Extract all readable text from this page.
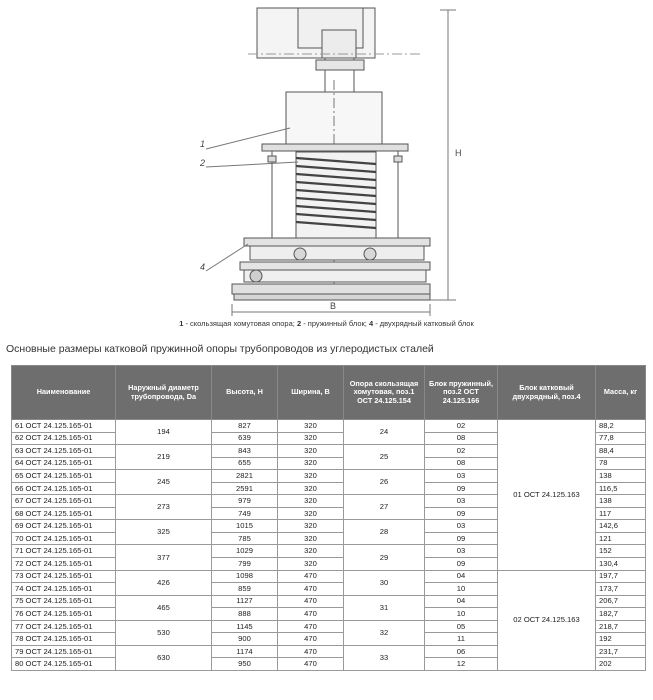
1
2
4
H
B
1 - скользящая хомутовая опора; 2 - пружинный блок; 4 - двухрядный катковый блок
Основные размеры катковой пружинной опоры трубопроводов из углеродистых сталей
Наименование	Наружный диаметр трубопровода, Da	Высота, H	Ширина, B	Опора скользящая хомутовая, поз.1 ОСТ 24.125.154	Блок пружинный, поз.2 ОСТ 24.125.166	Блок катковый двухрядный, поз.4	Масса, кг
61 ОСТ 24.125.165-01	194	827	320	24	02	01 ОСТ 24.125.163	88,2
62 ОСТ 24.125.165-01		639	320		08		77,8
63 ОСТ 24.125.165-01	219	843	320	25	02		88,4
64 ОСТ 24.125.165-01		655	320		08		78
65 ОСТ 24.125.165-01	245	2821	320	26	03		138
66 ОСТ 24.125.165-01		2591	320		09		116,5
67 ОСТ 24.125.165-01	273	979	320	27	03		138
68 ОСТ 24.125.165-01		749	320		09		117
69 ОСТ 24.125.165-01	325	1015	320	28	03		142,6
70 ОСТ 24.125.165-01		785	320		09		121
71 ОСТ 24.125.165-01	377	1029	320	29	03		152
72 ОСТ 24.125.165-01		799	320		09		130,4
73 ОСТ 24.125.165-01	426	1098	470	30	04	02 ОСТ 24.125.163	197,7
74 ОСТ 24.125.165-01		859	470		10		173,7
75 ОСТ 24.125.165-01	465	1127	470	31	04		206,7
76 ОСТ 24.125.165-01		888	470		10		182,7
77 ОСТ 24.125.165-01	530	1145	470	32	05		218,7
78 ОСТ 24.125.165-01		900	470		11		192
79 ОСТ 24.125.165-01	630	1174	470	33	06		231,7
80 ОСТ 24.125.165-01		950	470		12		202
